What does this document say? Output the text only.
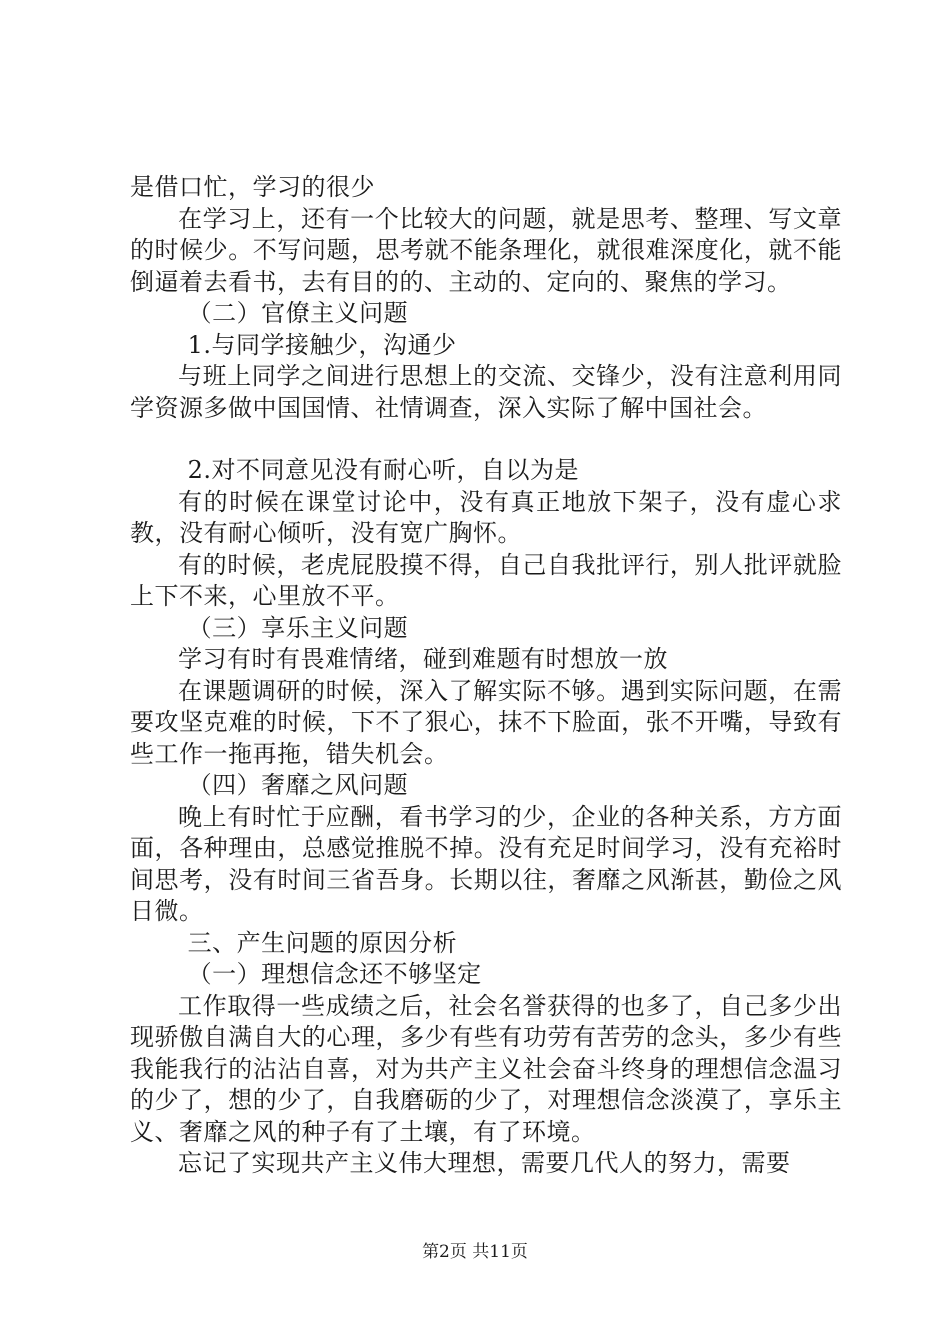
是借口忙，学习的很少

在学习上，还有一个比较大的问题，就是思考、整理、写文章的时候少。不写问题，思考就不能条理化，就很难深度化，就不能倒逼着去看书，去有目的的、主动的、定向的、聚焦的学习。

（二）官僚主义问题

1.与同学接触少，沟通少

与班上同学之间进行思想上的交流、交锋少，没有注意利用同学资源多做中国国情、社情调查，深入实际了解中国社会。

2.对不同意见没有耐心听，自以为是

有的时候在课堂讨论中，没有真正地放下架子，没有虚心求教，没有耐心倾听，没有宽广胸怀。

有的时候，老虎屁股摸不得，自己自我批评行，别人批评就脸上下不来，心里放不平。

（三）享乐主义问题

学习有时有畏难情绪，碰到难题有时想放一放

在课题调研的时候，深入了解实际不够。遇到实际问题，在需要攻坚克难的时候，下不了狠心，抹不下脸面，张不开嘴，导致有些工作一拖再拖，错失机会。

（四）奢靡之风问题

晚上有时忙于应酬，看书学习的少，企业的各种关系，方方面面，各种理由，总感觉推脱不掉。没有充足时间学习，没有充裕时间思考，没有时间三省吾身。长期以往，奢靡之风渐甚，勤俭之风日微。

三、产生问题的原因分析

（一）理想信念还不够坚定

工作取得一些成绩之后，社会名誉获得的也多了，自己多少出现骄傲自满自大的心理，多少有些有功劳有苦劳的念头，多少有些我能我行的沾沾自喜，对为共产主义社会奋斗终身的理想信念温习的少了，想的少了，自我磨砺的少了，对理想信念淡漠了，享乐主义、奢靡之风的种子有了土壤，有了环境。

忘记了实现共产主义伟大理想，需要几代人的努力，需要

第2页 共11页
